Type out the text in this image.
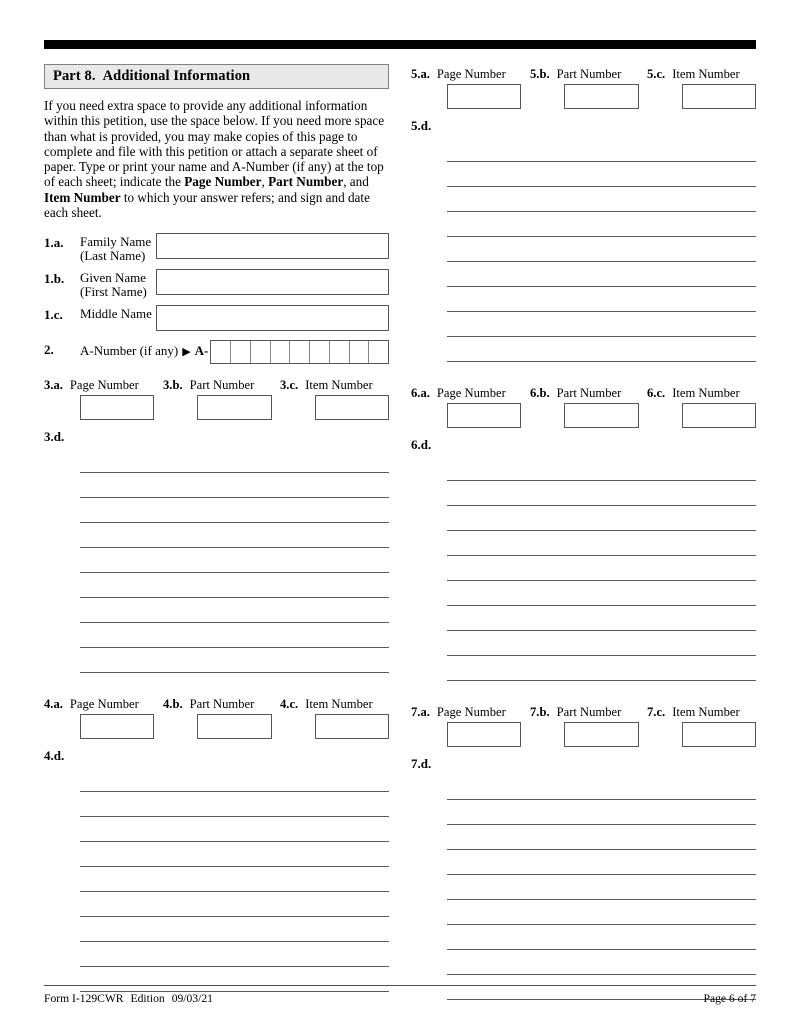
Part 8. Additional Information
If you need extra space to provide any additional information within this petition, use the space below. If you need more space than what is provided, you may make copies of this page to complete and file with this petition or attach a separate sheet of paper. Type or print your name and A-Number (if any) at the top of each sheet; indicate the Page Number, Part Number, and Item Number to which your answer refers; and sign and date each sheet.
1.a.	Family Name
(Last Name)
1.b.	Given Name
(First Name)
1.c.	Middle Name
2.	A-Number (if any) ▶ A-
3.a. Page Number 3.b. Part Number 3.c. Item Number
3.d.
4.a. Page Number 4.b. Part Number 4.c. Item Number
4.d.
5.a. Page Number 5.b. Part Number 5.c. Item Number
5.d.
6.a. Page Number 6.b. Part Number 6.c. Item Number
6.d.
7.a. Page Number 7.b. Part Number 7.c. Item Number
7.d.
Form I-129CWR Edition 09/03/21	Page 6 of 7
